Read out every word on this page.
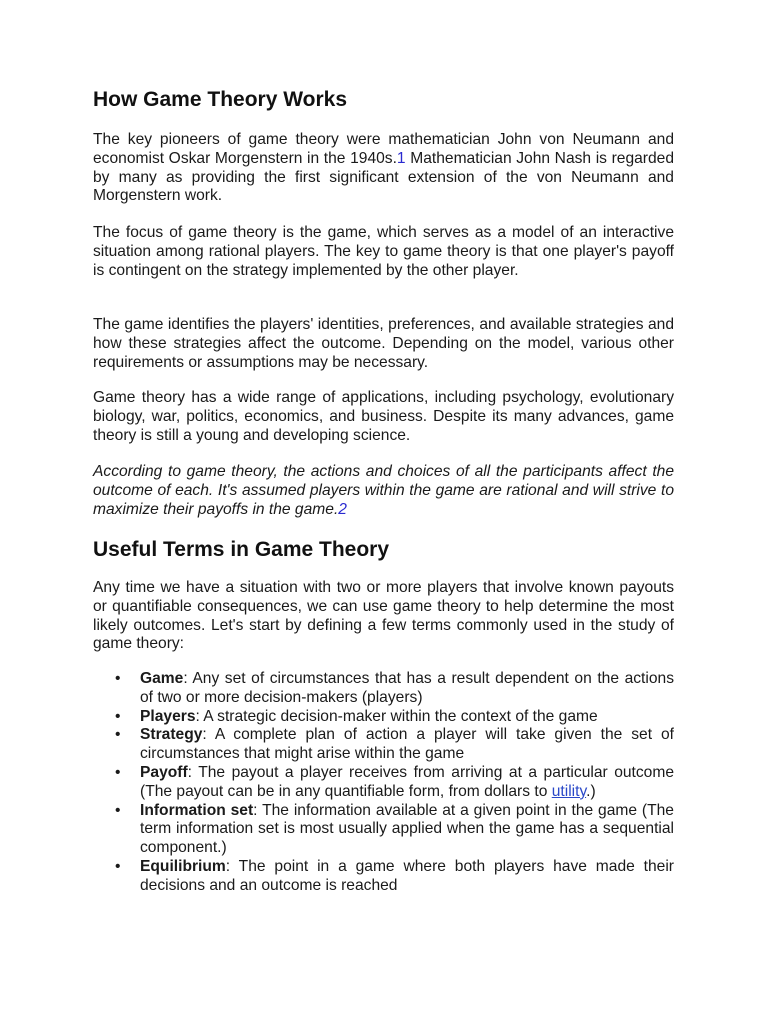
How Game Theory Works

The key pioneers of game theory were mathematician John von Neumann and economist Oskar Morgenstern in the 1940s.1 Mathematician John Nash is regarded by many as providing the first significant extension of the von Neumann and Morgenstern work.

The focus of game theory is the game, which serves as a model of an interactive situation among rational players. The key to game theory is that one player's payoff is contingent on the strategy implemented by the other player.

The game identifies the players' identities, preferences, and available strategies and how these strategies affect the outcome. Depending on the model, various other requirements or assumptions may be necessary.

Game theory has a wide range of applications, including psychology, evolutionary biology, war, politics, economics, and business. Despite its many advances, game theory is still a young and developing science.

According to game theory, the actions and choices of all the participants affect the outcome of each. It's assumed players within the game are rational and will strive to maximize their payoffs in the game.2

Useful Terms in Game Theory

Any time we have a situation with two or more players that involve known payouts or quantifiable consequences, we can use game theory to help determine the most likely outcomes. Let's start by defining a few terms commonly used in the study of game theory:

• Game: Any set of circumstances that has a result dependent on the actions of two or more decision-makers (players)
• Players: A strategic decision-maker within the context of the game
• Strategy: A complete plan of action a player will take given the set of circumstances that might arise within the game
• Payoff: The payout a player receives from arriving at a particular outcome (The payout can be in any quantifiable form, from dollars to utility.)
• Information set: The information available at a given point in the game (The term information set is most usually applied when the game has a sequential component.)
• Equilibrium: The point in a game where both players have made their decisions and an outcome is reached
